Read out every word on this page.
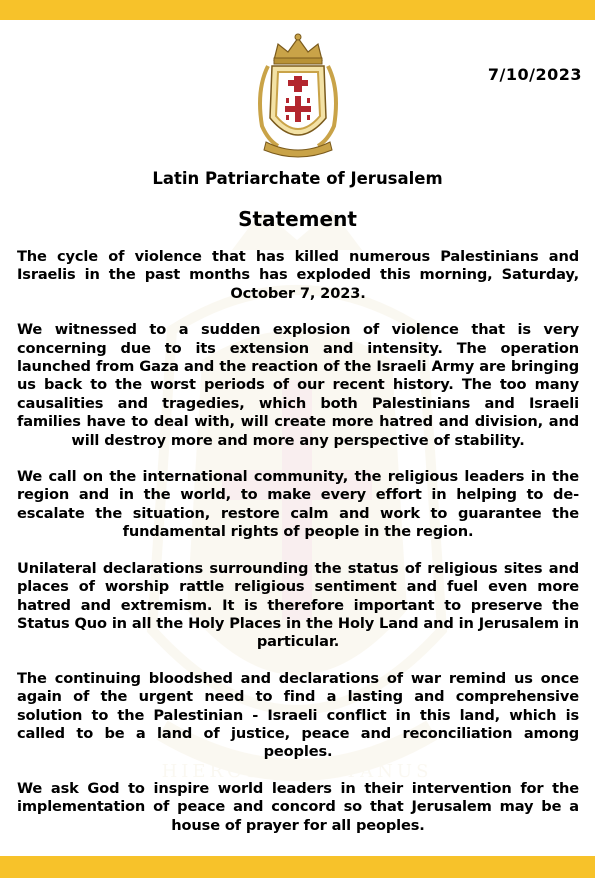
HIEROSOLYMITANUS
7/10/2023
Latin Patriarchate of Jerusalem
Statement

The cycle of violence that has killed numerous Palestinians and Israelis in the past months has exploded this morning, Saturday, October 7, 2023.

We witnessed to a sudden explosion of violence that is very concerning due to its extension and intensity. The operation launched from Gaza and the reaction of the Israeli Army are bringing us back to the worst periods of our recent history. The too many causalities and tragedies, which both Palestinians and Israeli families have to deal with, will create more hatred and division, and will destroy more and more any perspective of stability.

We call on the international community, the religious leaders in the region and in the world, to make every effort in helping to de-escalate the situation, restore calm and work to guarantee the fundamental rights of people in the region.

Unilateral declarations surrounding the status of religious sites and places of worship rattle religious sentiment and fuel even more hatred and extremism. It is therefore important to preserve the Status Quo in all the Holy Places in the Holy Land and in Jerusalem in particular.

The continuing bloodshed and declarations of war remind us once again of the urgent need to find a lasting and comprehensive solution to the Palestinian - Israeli conflict in this land, which is called to be a land of justice, peace and reconciliation among peoples.

We ask God to inspire world leaders in their intervention for the implementation of peace and concord so that Jerusalem may be a house of prayer for all peoples.
